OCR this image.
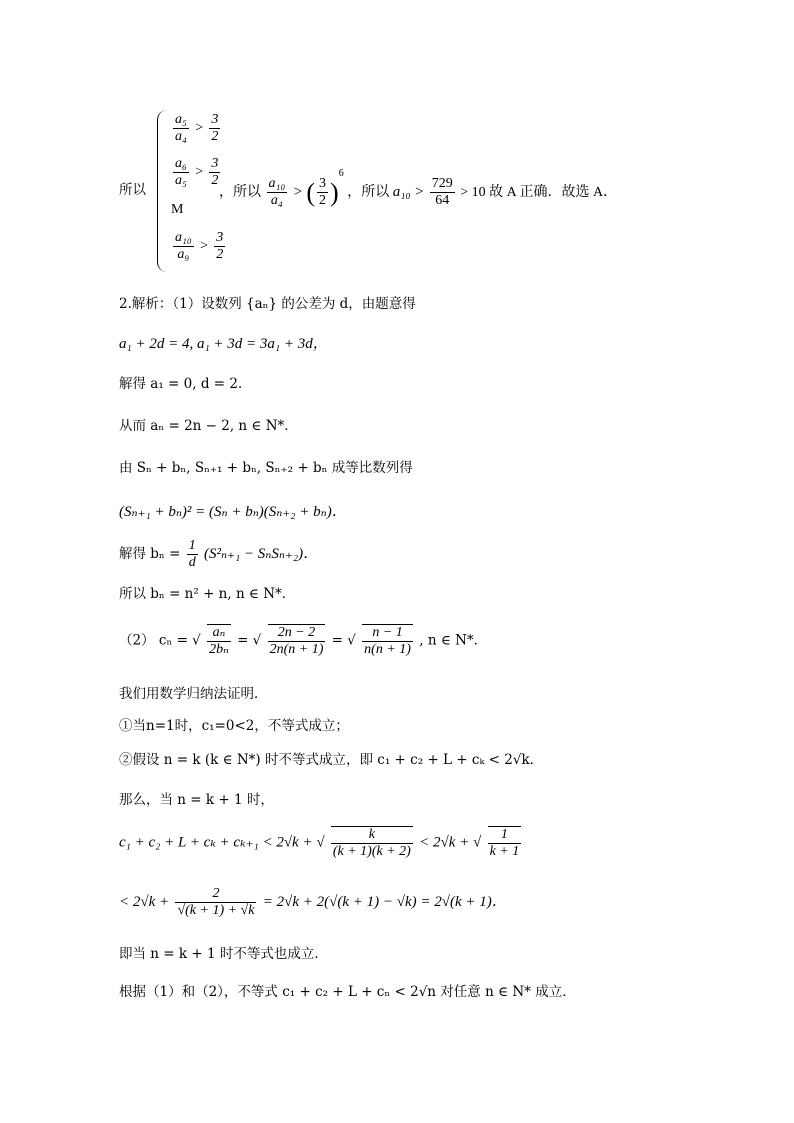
所以
$\frac{\text{a₅}}{\text{a₄}} > \frac{3}{2}$
$\frac{\text{a₆}}{\text{a₅}} > \frac{3}{2}$
M
$\frac{\text{a₁₀}}{\text{a₉}} > \frac{3}{2}$
，所以 $\frac{\text{a₁₀}}{\text{a₄}}$ > ( $\frac{3}{2} )^6$ ，所以 $a_{10} > \frac{729}{64} > 10$ 故 A 正确．故选 A．
2.解析：（1）设数列 {aₙ} 的公差为 d，由题意得
a₁ + 2d = 4, a₁ + 3d = 3a₁ + 3d，
解得 a₁ = 0, d = 2．
从而 aₙ = 2n − 2, n ∈ N*．
由 Sₙ + bₙ, Sₙ₊₁ + bₙ, Sₙ₊₂ + bₙ 成等比数列得
(Sₙ₊₁ + bₙ)² = (Sₙ + bₙ)(Sₙ₊₂ + bₙ)．
解得 $b_n = \frac{1}{d} (S^2_{n+1} - S_nS_{n+2})$．
所以 bₙ = n² + n, n ∈ N*．
（2） cₙ = √ $\frac{\text{aₙ}}{\text{2bₙ}}$ = √ $\frac{2n - 2}{2n(n + 1)}$ = √ $\frac{n - 1}{n(n + 1)}$ , n ∈ N*．
我们用数学归纳法证明．
①当n=1时，c₁=0<2，不等式成立；
②假设 n = k (k ∈ N*) 时不等式成立，即 c₁ + c₂ + L + cₖ < 2√k．
那么，当 n = k + 1 时，
c₁ + c₂ + L + cₖ + cₖ₊₁ < 2√k + √ $\frac{k}{(k + 1)(k + 2)} < 2√k$ + √ $\frac{1}{k + 1}$
< $2√k + \frac{2}{√(k + 1) + √k} = 2√k + 2(√(k + 1) - √k) = 2√(k + 1)$．
即当 n = k + 1 时不等式也成立．
根据（1）和（2），不等式 c₁ + c₂ + L + cₙ < 2√n 对任意 n ∈ N* 成立．
